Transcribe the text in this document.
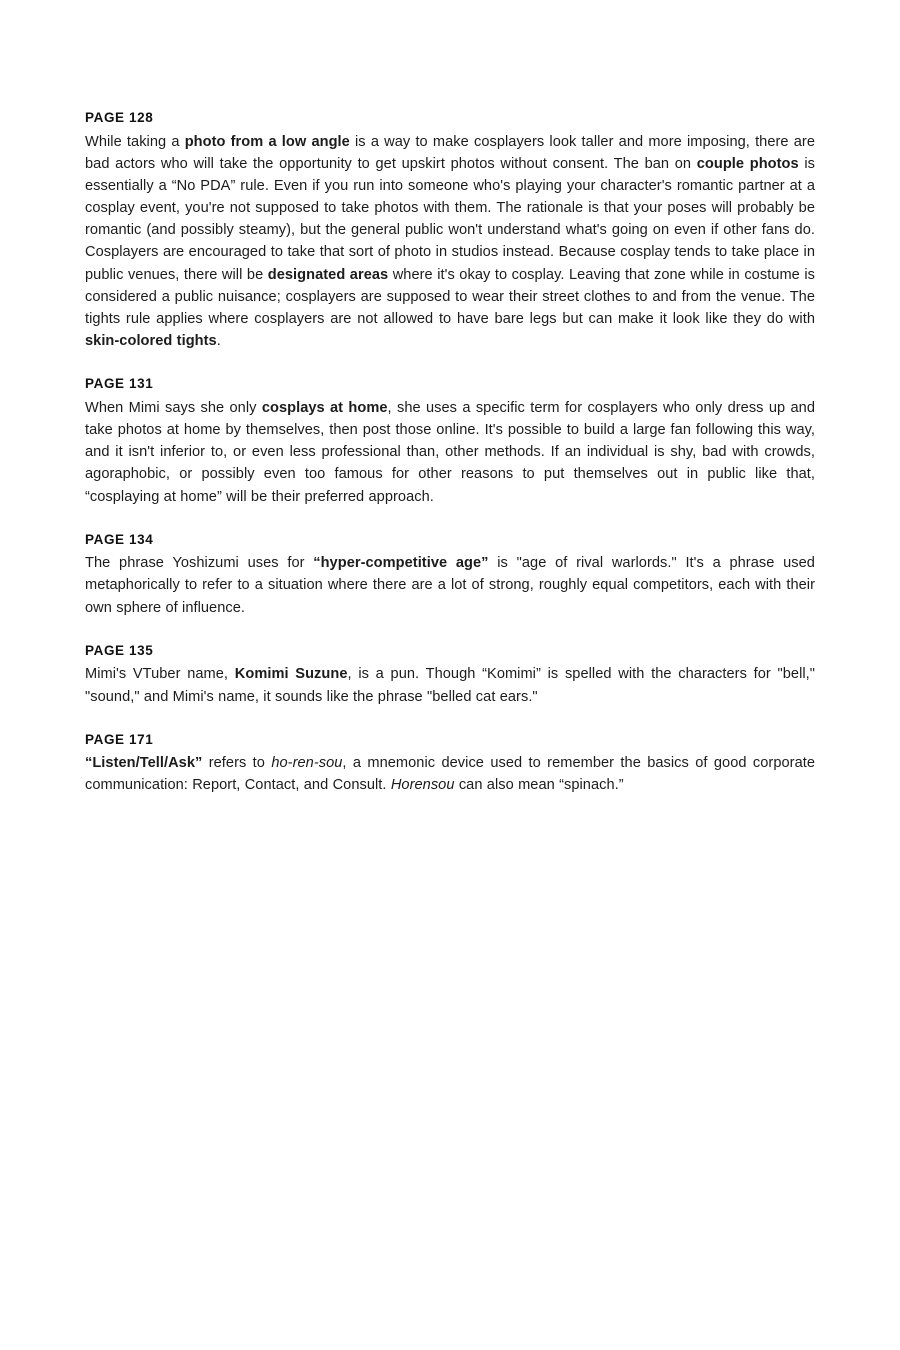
PAGE 128

While taking a photo from a low angle is a way to make cosplayers look taller and more imposing, there are bad actors who will take the opportunity to get upskirt photos without consent. The ban on couple photos is essentially a “No PDA” rule. Even if you run into someone who's playing your character's romantic partner at a cosplay event, you're not supposed to take photos with them. The rationale is that your poses will probably be romantic (and possibly steamy), but the general public won't understand what's going on even if other fans do. Cosplayers are encouraged to take that sort of photo in studios instead. Because cosplay tends to take place in public venues, there will be designated areas where it's okay to cosplay. Leaving that zone while in costume is considered a public nuisance; cosplayers are supposed to wear their street clothes to and from the venue. The tights rule applies where cosplayers are not allowed to have bare legs but can make it look like they do with skin-colored tights.

PAGE 131

When Mimi says she only cosplays at home, she uses a specific term for cosplayers who only dress up and take photos at home by themselves, then post those online. It's possible to build a large fan following this way, and it isn't inferior to, or even less professional than, other methods. If an individual is shy, bad with crowds, agoraphobic, or possibly even too famous for other reasons to put themselves out in public like that, “cosplaying at home” will be their preferred approach.

PAGE 134

The phrase Yoshizumi uses for “hyper-competitive age” is "age of rival warlords." It's a phrase used metaphorically to refer to a situation where there are a lot of strong, roughly equal competitors, each with their own sphere of influence.

PAGE 135

Mimi's VTuber name, Komimi Suzune, is a pun. Though “Komimi” is spelled with the characters for "bell," "sound," and Mimi's name, it sounds like the phrase "belled cat ears."

PAGE 171

“Listen/Tell/Ask” refers to ho-ren-sou, a mnemonic device used to remember the basics of good corporate communication: Report, Contact, and Consult. Horensou can also mean “spinach.”
